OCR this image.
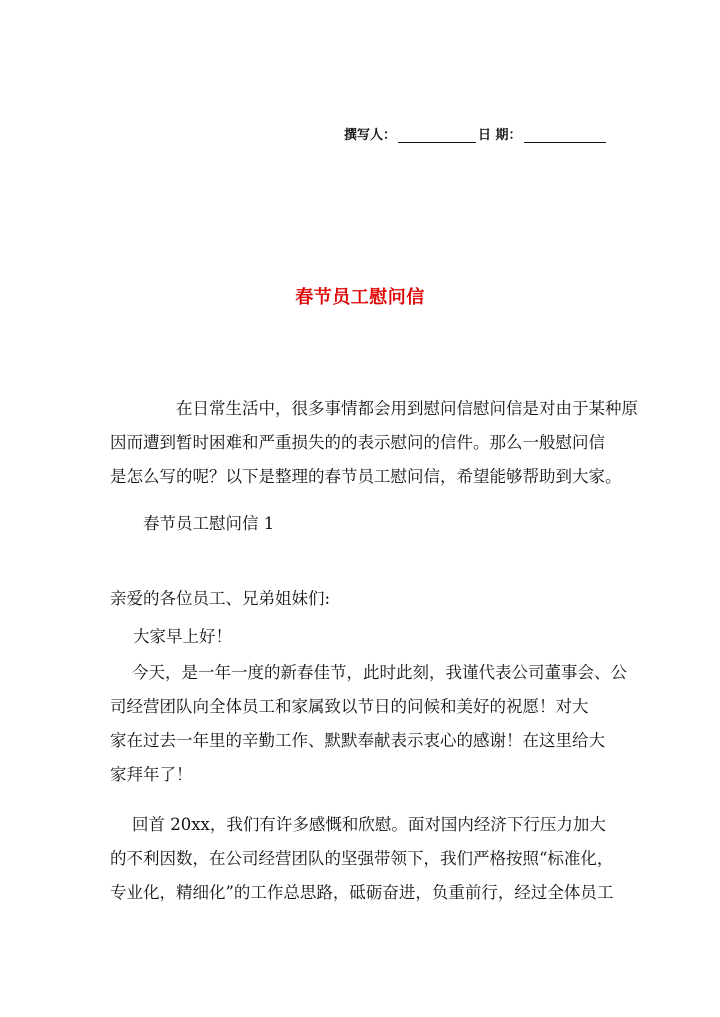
撰写人：	日 期：
春节员工慰问信
在日常生活中，很多事情都会用到慰问信慰问信是对由于某种原
因而遭到暂时困难和严重损失的的表示慰问的信件。那么一般慰问信
是怎么写的呢？以下是整理的春节员工慰问信，希望能够帮助到大家。
春节员工慰问信 1
亲爱的各位员工、兄弟姐妹们:
大家早上好！
今天，是一年一度的新春佳节，此时此刻，我谨代表公司董事会、公
司经营团队向全体员工和家属致以节日的问候和美好的祝愿！对大
家在过去一年里的辛勤工作、默默奉献表示衷心的感谢！在这里给大
家拜年了！
回首 20xx，我们有许多感慨和欣慰。面对国内经济下行压力加大
的不利因数，在公司经营团队的坚强带领下，我们严格按照“标准化，
专业化，精细化”的工作总思路，砥砺奋进，负重前行，经过全体员工
